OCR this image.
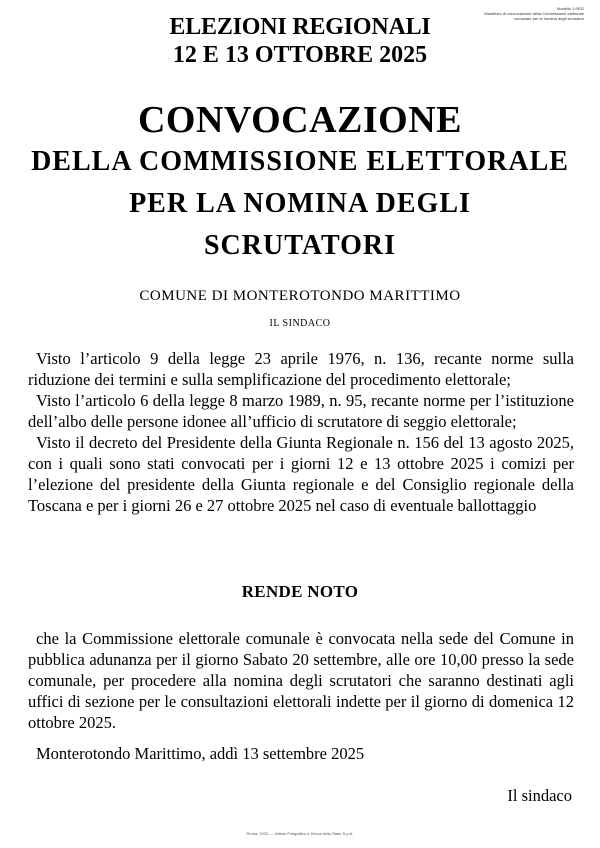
Modello 1 REG
Manifesto di convocazione della Commissione elettorale
comunale per la nomina degli scrutatori
ELEZIONI REGIONALI
12 E 13 OTTOBRE 2025
CONVOCAZIONE
DELLA COMMISSIONE ELETTORALE
PER LA NOMINA DEGLI
SCRUTATORI
COMUNE DI MONTEROTONDO MARITTIMO
IL SINDACO

Visto l’articolo 9 della legge 23 aprile 1976, n. 136, recante norme sulla riduzione dei termini e sulla semplificazione del procedimento elettorale;

Visto l’articolo 6 della legge 8 marzo 1989, n. 95, recante norme per l’istituzione dell’albo delle persone idonee all’ufficio di scrutatore di seggio elettorale;

Visto il decreto del Presidente della Giunta Regionale n. 156 del 13 agosto 2025, con i quali sono stati convocati per i giorni 12 e 13 ottobre 2025 i comizi per l’elezione del presidente della Giunta regionale e del Consiglio regionale della Toscana e per i giorni 26 e 27 ottobre 2025 nel caso di eventuale ballottaggio

RENDE NOTO

che la Commissione elettorale comunale è convocata nella sede del Comune in pubblica adunanza per il giorno Sabato 20 settembre, alle ore 10,00 presso la sede comunale, per procedere alla nomina degli scrutatori che saranno destinati agli uffici di sezione per le consultazioni elettorali indette per il giorno di domenica 12 ottobre 2025.

Monterotondo Marittimo, addì 13 settembre 2025
Il sindaco
Roma, 2025 — Istituto Poligrafico e Zecca dello Stato S.p.A.
